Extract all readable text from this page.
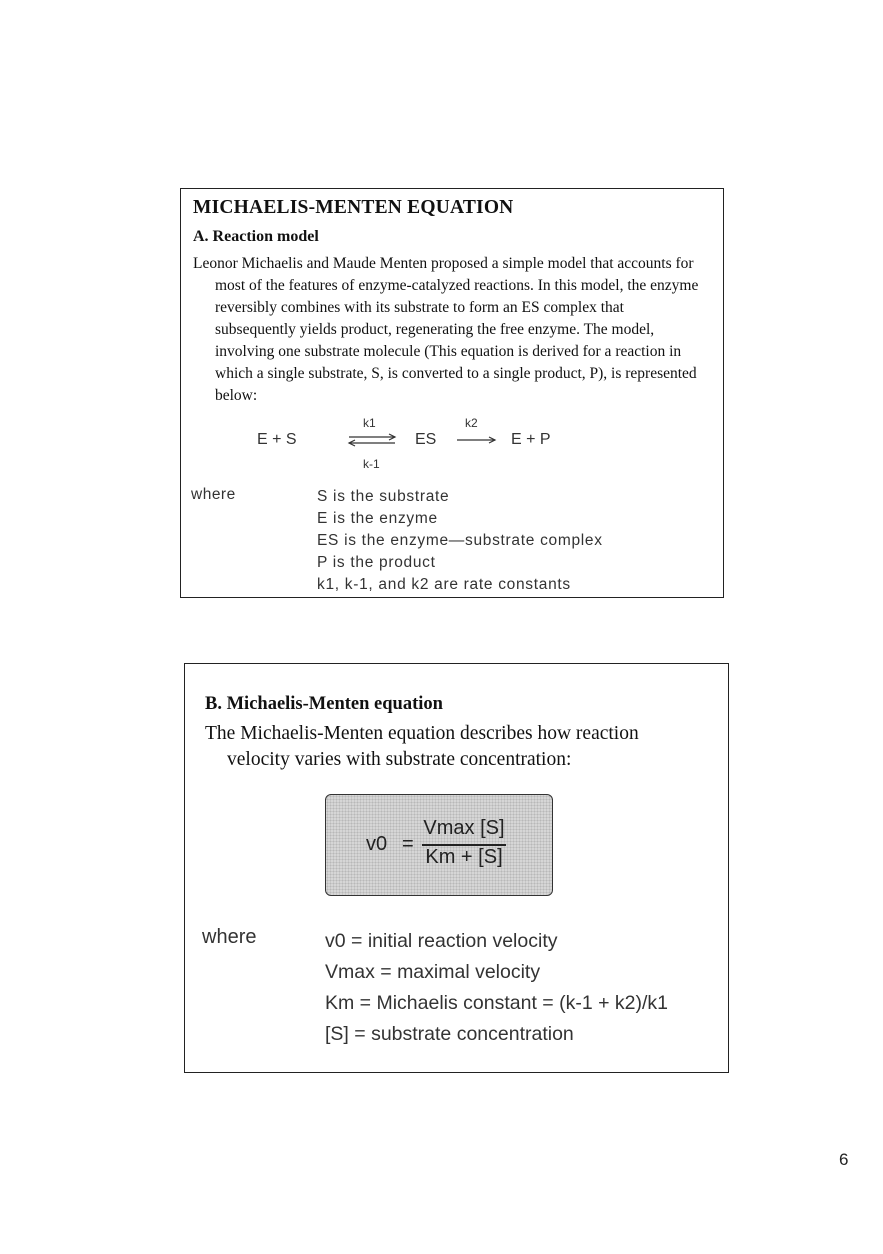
MICHAELIS-MENTEN EQUATION
A. Reaction model
Leonor Michaelis and Maude Menten proposed a simple model that accounts for most of the features of enzyme-catalyzed reactions. In this model, the enzyme reversibly combines with its substrate to form an ES complex that subsequently yields product, regenerating the free enzyme. The model, involving one substrate molecule (This equation is derived for a reaction in which a single substrate, S, is converted to a single product, P), is represented below:
E + S
k1
k-1
ES
k2
E + P
where	S is the substrate
E is the enzyme
ES is the enzyme—substrate complex
P is the product
k1, k-1, and k2 are rate constants
B. Michaelis-Menten equation
The Michaelis-Menten equation describes how reaction velocity varies with substrate concentration:
v0 =
Vmax [S]
Km + [S]
where	v0 = initial reaction velocity
Vmax = maximal velocity
Km = Michaelis constant = (k-1 + k2)/k1
[S] = substrate concentration
6
